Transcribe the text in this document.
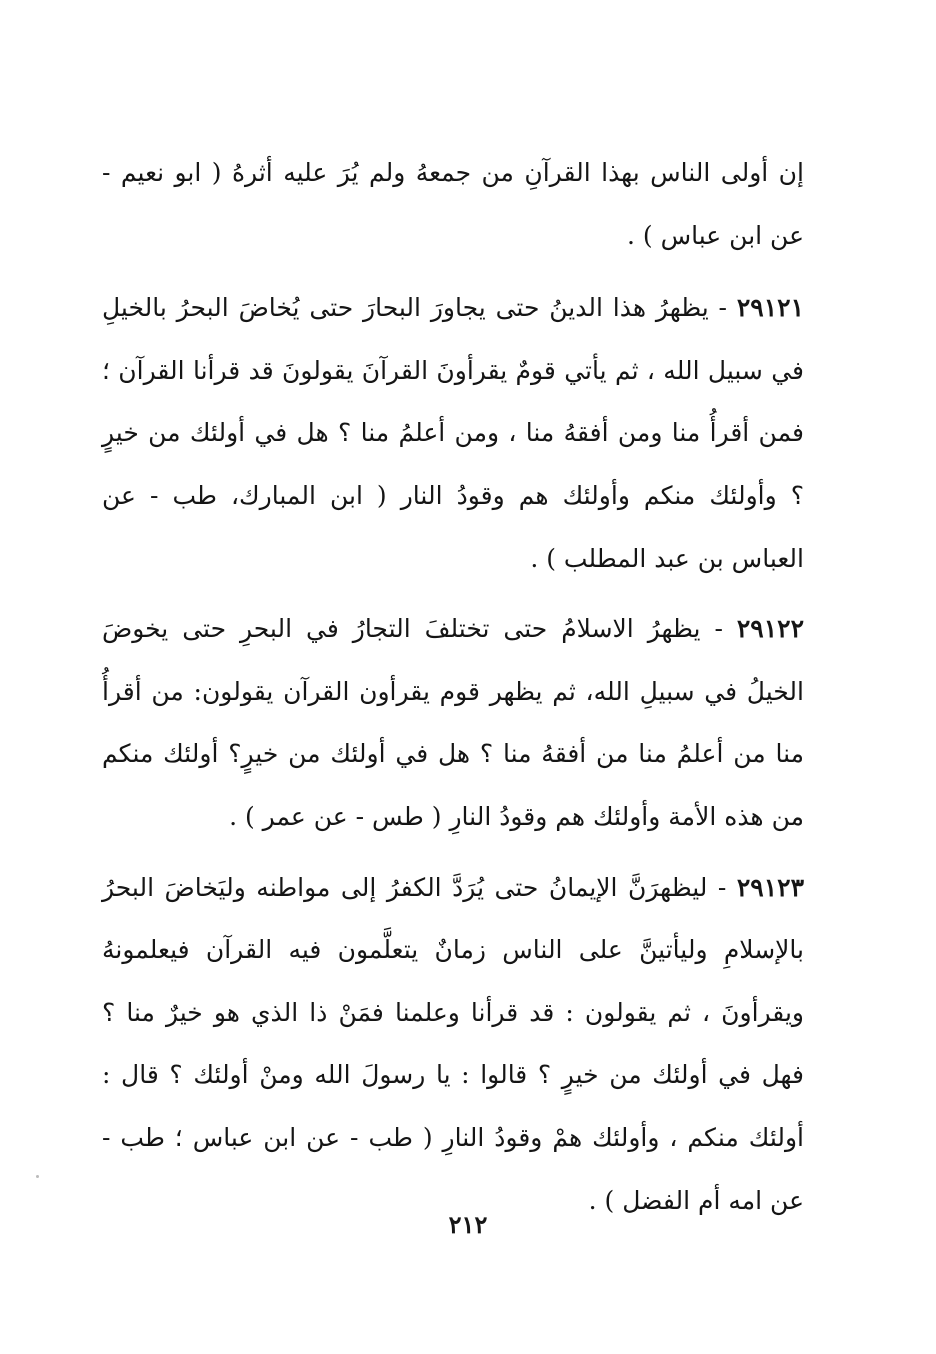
إن أولى الناس بهذا القرآنِ من جمعهُ ولم يُرَ عليه أثرهُ ( ابو نعيم - عن ابن عباس ) .

٢٩١٢١ - يظهرُ هذا الدينُ حتى يجاورَ البحارَ حتى يُخاضَ البحرُ بالخيلِ في سبيل الله ، ثم يأتي قومٌ يقرأونَ القرآنَ يقولونَ قد قرأنا القرآن ؛ فمن أقرأُ منا ومن أفقهُ منا ، ومن أعلمُ منا ؟ هل في أولئك من خيرٍ ؟ وأولئك منكم وأولئك هم وقودُ النار ( ابن المبارك، طب - عن العباس بن عبد المطلب ) .

٢٩١٢٢ - يظهرُ الاسلامُ حتى تختلفَ التجارُ في البحرِ حتى يخوضَ الخيلُ في سبيلِ الله، ثم يظهر قوم يقرأون القرآن يقولون: من أقرأُ منا من أعلمُ منا من أفقهُ منا ؟ هل في أولئك من خيرٍ؟ أولئك منكم من هذه الأمة وأولئك هم وقودُ النارِ ( طس - عن عمر ) .

٢٩١٢٣ - ليظهرَنَّ الإيمانُ حتى يُرَدَّ الكفرُ إلى مواطنه وليَخاضَ البحرُ بالإسلامِ وليأتينَّ على الناس زمانٌ يتعلَّمون فيه القرآن فيعلمونهُ ويقرأونَ ، ثم يقولون : قد قرأنا وعلمنا فمَنْ ذا الذي هو خيرٌ منا ؟ فهل في أولئك من خيرٍ ؟ قالوا : يا رسولَ الله ومنْ أولئك ؟ قال : أولئك منكم ، وأولئك همْ وقودُ النارِ ( طب - عن ابن عباس ؛ طب - عن امه أم الفضل ) .

٢١٢
